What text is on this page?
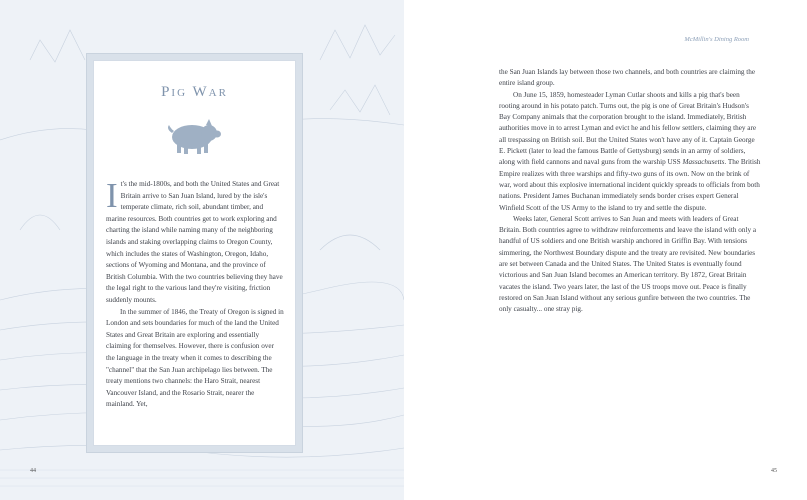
Pig War

It's the mid-1800s, and both the United States and Great Britain arrive to San Juan Island, lured by the isle's temperate climate, rich soil, abundant timber, and marine resources. Both countries get to work exploring and charting the island while naming many of the neighboring islands and staking overlapping claims to Oregon County, which includes the states of Washington, Oregon, Idaho, sections of Wyoming and Montana, and the province of British Columbia. With the two countries believing they have the legal right to the various land they're visiting, friction suddenly mounts.

In the summer of 1846, the Treaty of Oregon is signed in London and sets boundaries for much of the land the United States and Great Britain are exploring and essentially claiming for themselves. However, there is confusion over the language in the treaty when it comes to describing the "channel" that the San Juan archipelago lies between. The treaty mentions two channels: the Haro Strait, nearest Vancouver Island, and the Rosario Strait, nearer the mainland. Yet,

44
McMillin's Dining Room

the San Juan Islands lay between those two channels, and both countries are claiming the entire island group.

On June 15, 1859, homesteader Lyman Cutlar shoots and kills a pig that's been rooting around in his potato patch. Turns out, the pig is one of Great Britain's Hudson's Bay Company animals that the corporation brought to the island. Immediately, British authorities move in to arrest Lyman and evict he and his fellow settlers, claiming they are all trespassing on British soil. But the United States won't have any of it. Captain George E. Pickett (later to lead the famous Battle of Gettysburg) sends in an army of soldiers, along with field cannons and naval guns from the warship USS Massachusetts. The British Empire realizes with three warships and fifty-two guns of its own. Now on the brink of war, word about this explosive international incident quickly spreads to officials from both nations. President James Buchanan immediately sends border crises expert General Winfield Scott of the US Army to the island to try and settle the dispute.

Weeks later, General Scott arrives to San Juan and meets with leaders of Great Britain. Both countries agree to withdraw reinforcements and leave the island with only a handful of US soldiers and one British warship anchored in Griffin Bay. With tensions simmering, the Northwest Boundary dispute and the treaty are revisited. New boundaries are set between Canada and the United States. The United States is eventually found victorious and San Juan Island becomes an American territory. By 1872, Great Britain vacates the island. Two years later, the last of the US troops move out. Peace is finally restored on San Juan Island without any serious gunfire between the two countries. The only casualty... one stray pig.

45
